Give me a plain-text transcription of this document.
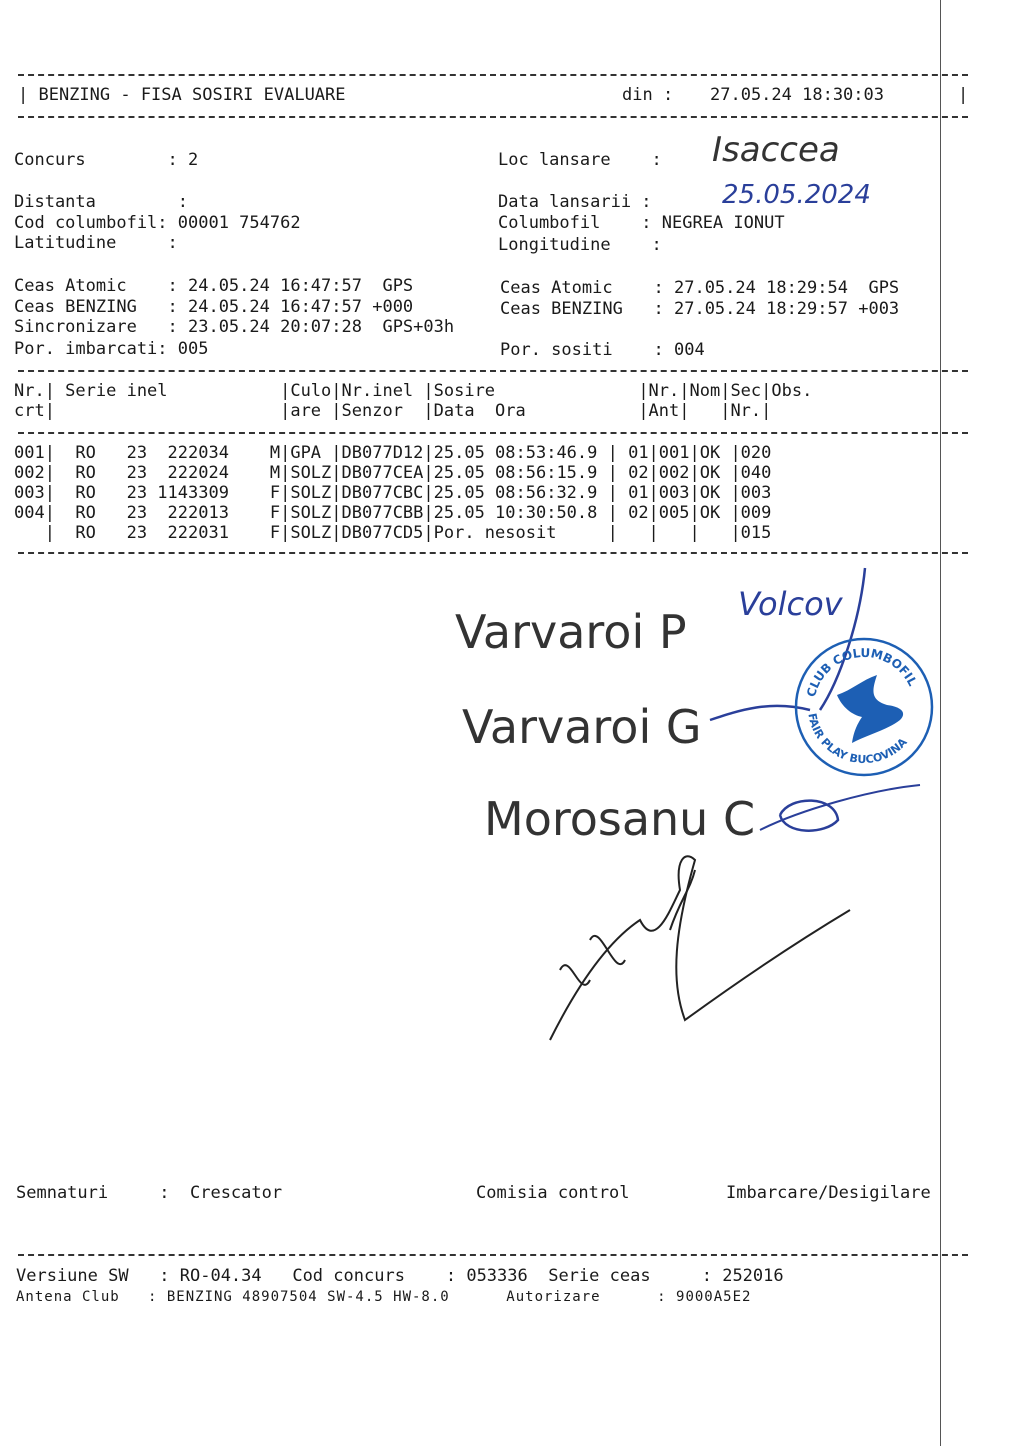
| BENZING - FISA SOSIRI EVALUARE	din : 27.05.24 18:30:03	|
Concurs        : 2	Loc lansare    :
Distanta        :	Data lansarii :
Cod columbofil: 00001 754762	Columbofil    : NEGREA IONUT
Latitudine     :	Longitudine    :
Isaccea
25.05.2024
Ceas Atomic    : 24.05.24 16:47:57  GPS	Ceas Atomic    : 27.05.24 18:29:54  GPS
Ceas BENZING   : 24.05.24 16:47:57 +000	Ceas BENZING   : 27.05.24 18:29:57 +003
Sincronizare   : 23.05.24 20:07:28  GPS+03h
Por. imbarcati: 005	Por. sositi    : 004
Nr.| Serie inel           |Culo|Nr.inel |Sosire              |Nr.|Nom|Sec|Obs.
crt|                      |are |Senzor  |Data  Ora           |Ant|   |Nr.|
001|  RO   23  222034    M|GPA |DB077D12|25.05 08:53:46.9 | 01|001|OK |020
002|  RO   23  222024    M|SOLZ|DB077CEA|25.05 08:56:15.9 | 02|002|OK |040
003|  RO   23 1143309    F|SOLZ|DB077CBC|25.05 08:56:32.9 | 01|003|OK |003
004|  RO   23  222013    F|SOLZ|DB077CBB|25.05 10:30:50.8 | 02|005|OK |009
|  RO   23  222031    F|SOLZ|DB077CD5|Por. nesosit     |   |   |   |015
Varvaroi P
Volcov
Varvaroi G
Morosanu C
CLUB COLUMBOFIL
FAIR PLAY BUCOVINA
Semnaturi     :  Crescator	Comisia control	Imbarcare/Desigilare
Versiune SW   : RO-04.34   Cod concurs    : 053336  Serie ceas     : 252016
Antena Club   : BENZING 48907504 SW-4.5 HW-8.0      Autorizare      : 9000A5E2
